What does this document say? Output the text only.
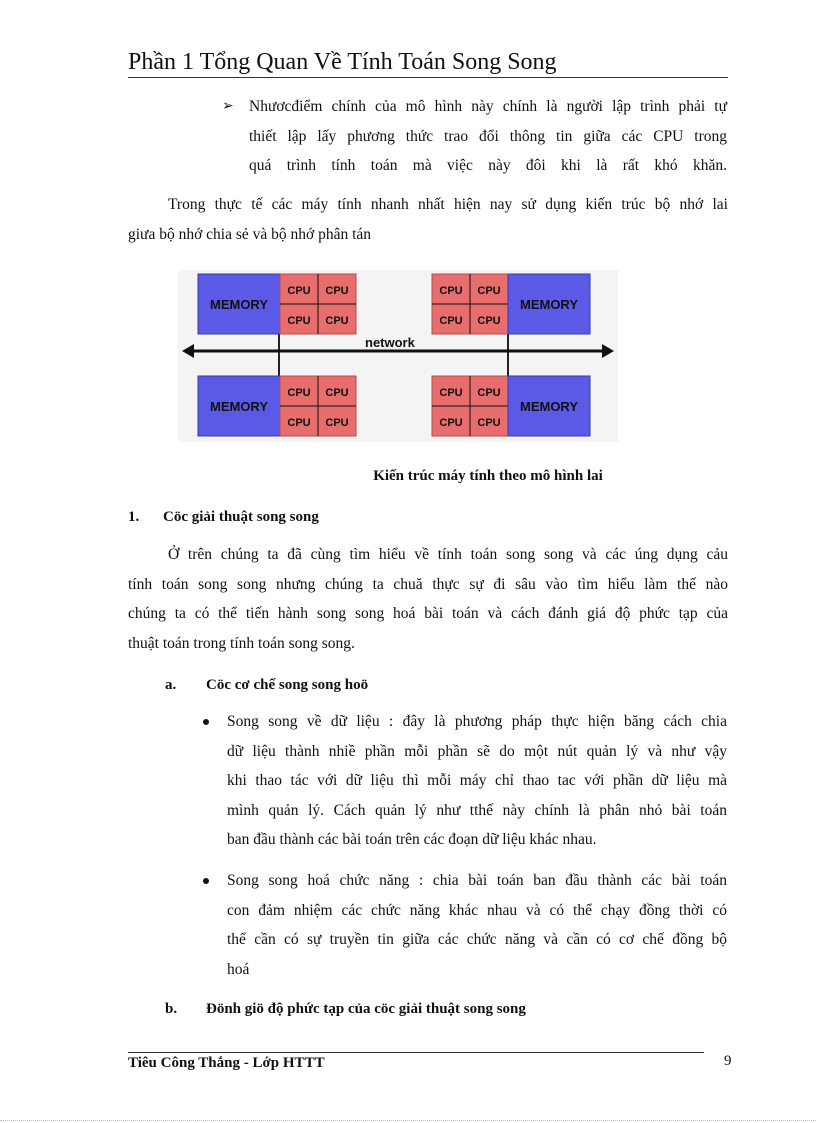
Phần 1 Tổng Quan Về Tính Toán Song Song
➢ Nhươcđiểm chính của mô hình này chính là người lập trình phải tự

thiết lập lấy phương thức trao đổi thông tin giữa các CPU trong

quá trình tính toán mà việc này đôi khi là rất khó khăn.

Trong thực tế các máy tính nhanh nhất hiện nay sử dụng kiến trúc bộ nhớ lai

giưa bộ nhớ chia sẻ và bộ nhớ phân tán

network
MEMORY
CPU CPU
CPU CPU
CPU CPU
CPU CPU
MEMORY
MEMORY
CPU CPU
CPU CPU
CPU CPU
CPU CPU
MEMORY
Kiến trúc máy tính theo mô hình lai
1. Cöc giải thuật song song

Ở trên chúng ta đã cùng tìm hiểu về tính toán song song và các úng dụng cảu

tính toán song song nhưng chúng ta chuă thực sự đi sâu vào tìm hiểu làm thế nào

chúng ta có thể tiến hành song song hoá bài toán và cách đánh giá độ phức tạp của

thuật toán trong tính toán song song.

a. Cöc cơ chế song song hoö

Song song về dữ liệu : đây là phương pháp thực hiện băng cách chia

dữ liệu thành nhiề phần mỗi phần sẽ do một nút quản lý và như vậy

khi thao tác với dữ liệu thì mỗi máy chỉ thao tac với phần dữ liệu mà

mình quản lý. Cách quản lý như tthế này chính là phân nhỏ bài toán

ban đầu thành các bài toán trên các đoạn dữ liệu khác nhau.

Song song hoá chức năng : chia bài toán ban đầu thành các bài toán

con đảm nhiệm các chức năng khác nhau và có thể chạy đồng thời có

thể cần có sự truyền tin giữa các chức năng và cần có cơ chế đồng bộ

hoá

b. Đönh giö độ phức tạp của cöc giải thuật song song
Tiêu Công Thắng - Lớp HTTT	9
